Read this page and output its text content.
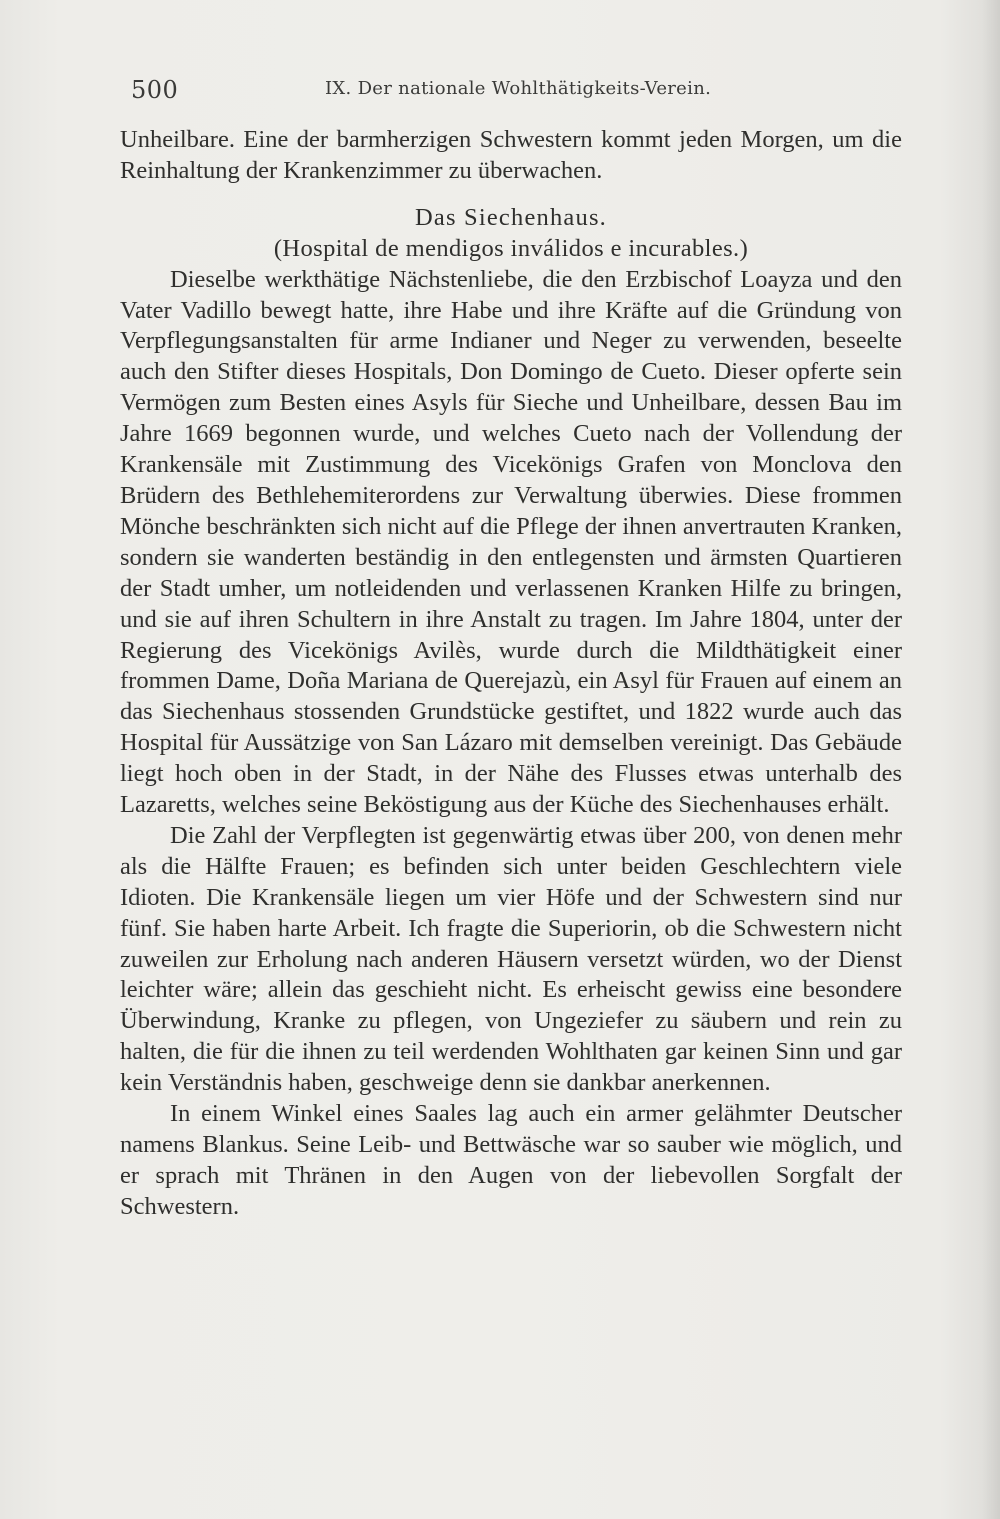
500	IX. Der nationale Wohlthätigkeits-Verein.

Unheilbare. Eine der barmherzigen Schwestern kommt jeden Morgen, um die Reinhaltung der Krankenzimmer zu überwachen.

Das Siechenhaus.

(Hospital de mendigos inválidos e incurables.)

Dieselbe werkthätige Nächstenliebe, die den Erzbischof Loayza und den Vater Vadillo bewegt hatte, ihre Habe und ihre Kräfte auf die Gründung von Verpflegungsanstalten für arme Indianer und Neger zu verwenden, beseelte auch den Stifter dieses Hospitals, Don Domingo de Cueto. Dieser opferte sein Vermögen zum Besten eines Asyls für Sieche und Unheilbare, dessen Bau im Jahre 1669 begonnen wurde, und welches Cueto nach der Vollendung der Krankensäle mit Zustimmung des Vicekönigs Grafen von Monclova den Brüdern des Bethlehemiterordens zur Verwaltung überwies. Diese frommen Mönche beschränkten sich nicht auf die Pflege der ihnen anvertrauten Kranken, sondern sie wanderten beständig in den entlegensten und ärmsten Quartieren der Stadt umher, um notleidenden und verlassenen Kranken Hilfe zu bringen, und sie auf ihren Schultern in ihre Anstalt zu tragen. Im Jahre 1804, unter der Regierung des Vicekönigs Avilès, wurde durch die Mildthätigkeit einer frommen Dame, Doña Mariana de Querejazù, ein Asyl für Frauen auf einem an das Siechenhaus stossenden Grundstücke gestiftet, und 1822 wurde auch das Hospital für Aussätzige von San Lázaro mit demselben vereinigt. Das Gebäude liegt hoch oben in der Stadt, in der Nähe des Flusses etwas unterhalb des Lazaretts, welches seine Beköstigung aus der Küche des Siechenhauses erhält.

Die Zahl der Verpflegten ist gegenwärtig etwas über 200, von denen mehr als die Hälfte Frauen; es befinden sich unter beiden Geschlechtern viele Idioten. Die Krankensäle liegen um vier Höfe und der Schwestern sind nur fünf. Sie haben harte Arbeit. Ich fragte die Superiorin, ob die Schwestern nicht zuweilen zur Erholung nach anderen Häusern versetzt würden, wo der Dienst leichter wäre; allein das geschieht nicht. Es erheischt gewiss eine besondere Überwindung, Kranke zu pflegen, von Ungeziefer zu säubern und rein zu halten, die für die ihnen zu teil werdenden Wohlthaten gar keinen Sinn und gar kein Verständnis haben, geschweige denn sie dankbar anerkennen.

In einem Winkel eines Saales lag auch ein armer gelähmter Deutscher namens Blankus. Seine Leib- und Bettwäsche war so sauber wie möglich, und er sprach mit Thränen in den Augen von der liebevollen Sorgfalt der Schwestern.
